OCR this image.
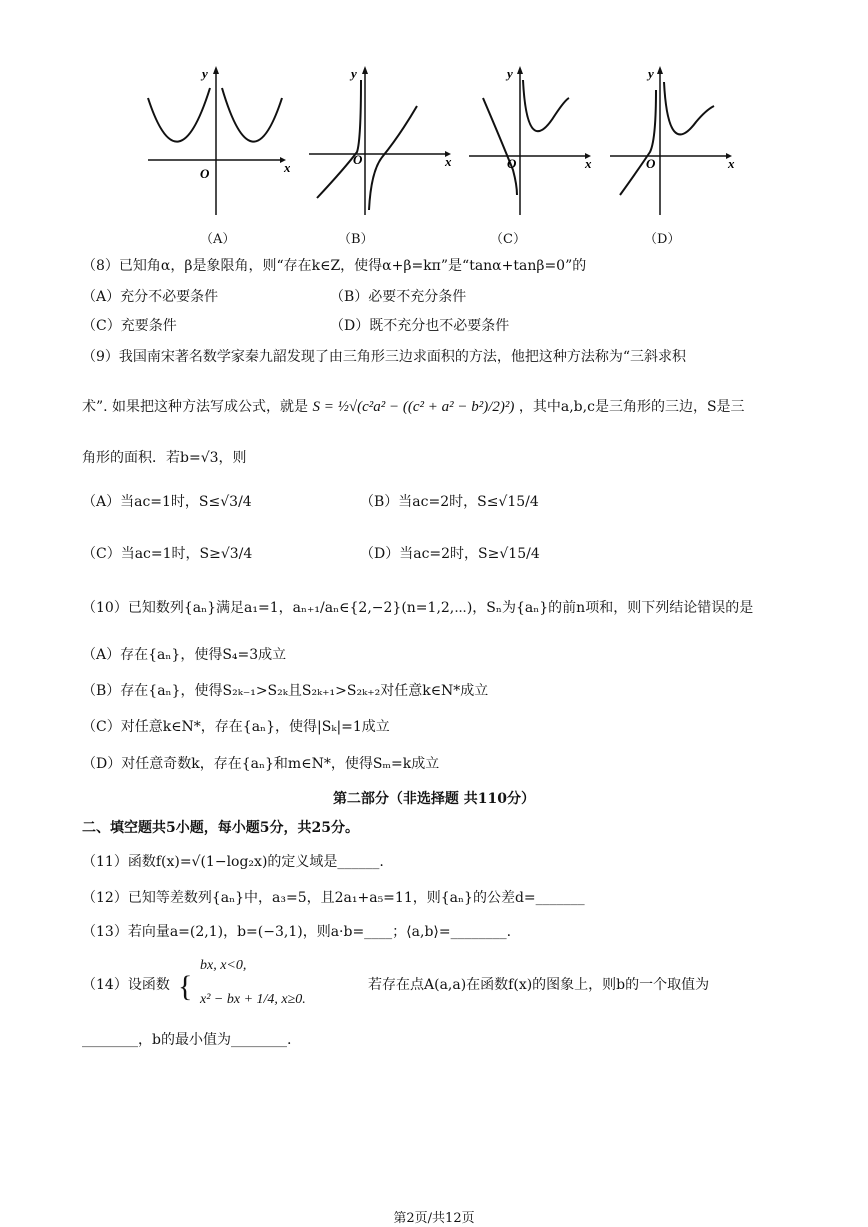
O	x
y
O	x
y
O	x
y
O	x
y
（A）	（B）	（C）	（D）
（8）已知角α，β是象限角，则“存在k∈Z，使得α+β=kπ”是“tanα+tanβ=0”的
（A）充分不必要条件	（B）必要不充分条件
（C）充要条件	（D）既不充分也不必要条件
（9）我国南宋著名数学家秦九韶发现了由三角形三边求面积的方法，他把这种方法称为“三斜求积
术”. 如果把这种方法写成公式，就是 S = ½√(c²a² − ((c² + a² − b²)/2)²) ，其中a,b,c是三角形的三边，S是三
角形的面积．若b=√3，则
（A）当ac=1时，S≤√3/4	（B）当ac=2时，S≤√15/4
（C）当ac=1时，S≥√3/4	（D）当ac=2时，S≥√15/4
（10）已知数列{aₙ}满足a₁=1，aₙ₊₁/aₙ∈{2,−2}(n=1,2,⋯)，Sₙ为{aₙ}的前n项和，则下列结论错误的是
（A）存在{aₙ}，使得S₄=3成立
（B）存在{aₙ}，使得S₂ₖ₋₁>S₂ₖ且S₂ₖ₊₁>S₂ₖ₊₂对任意k∈N*成立
（C）对任意k∈N*，存在{aₙ}，使得|Sₖ|=1成立
（D）对任意奇数k，存在{aₙ}和m∈N*，使得Sₘ=k成立
第二部分（非选择题 共110分）
二、填空题共5小题，每小题5分，共25分。
（11）函数f(x)=√(1−log₂x)的定义域是______.
（12）已知等差数列{aₙ}中，a₃=5，且2a₁+a₅=11，则{aₙ}的公差d=_______
（13）若向量a=(2,1)，b=(−3,1)，则a·b=____；⟨a,b⟩=________.
（14）设函数 {
bx, x<0,
x² − bx + 1/4, x≥0.
若存在点A(a,a)在函数f(x)的图象上，则b的一个取值为
________，b的最小值为________.
第2页/共12页
